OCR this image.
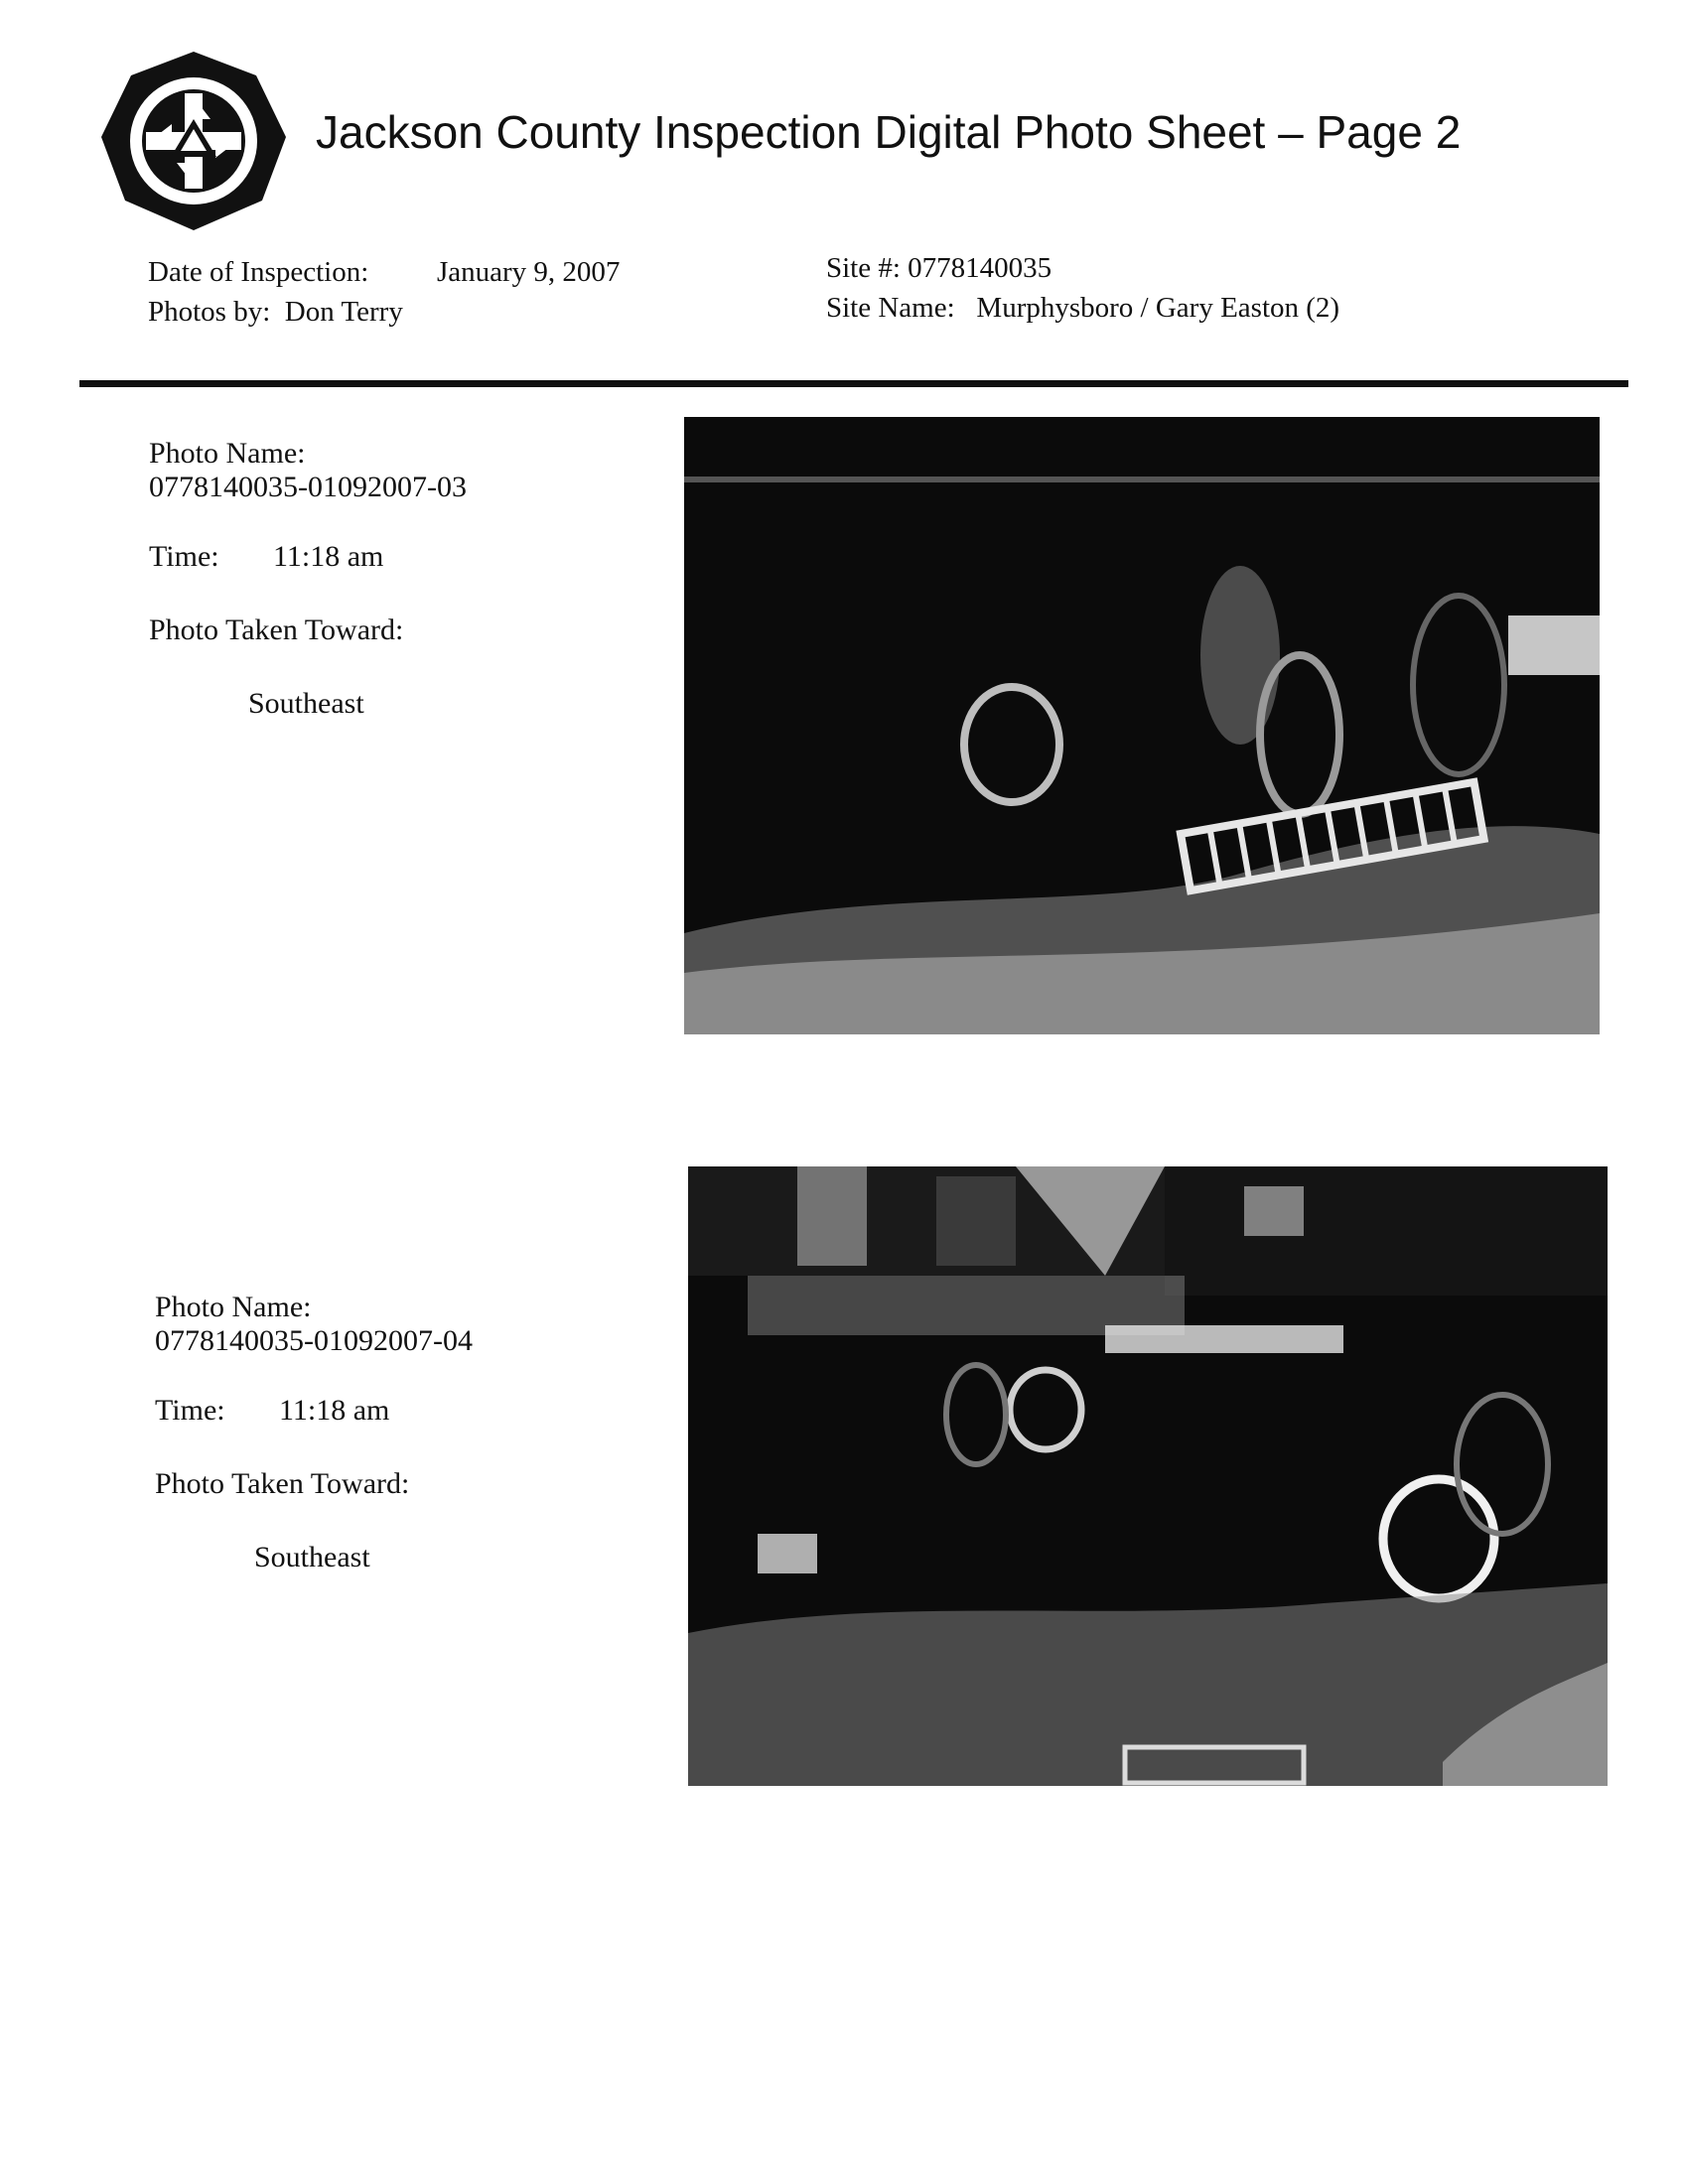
Jackson County Inspection Digital Photo Sheet – Page 2
Date of Inspection: January 9, 2007
Photos by: Don Terry
Site #: 0778140035
Site Name: Murphysboro / Gary Easton (2)
Photo Name:
0778140035-01092007-03
Time: 11:18 am
Photo Taken Toward:
Southeast
Photo Name:
0778140035-01092007-04
Time: 11:18 am
Photo Taken Toward:
Southeast
